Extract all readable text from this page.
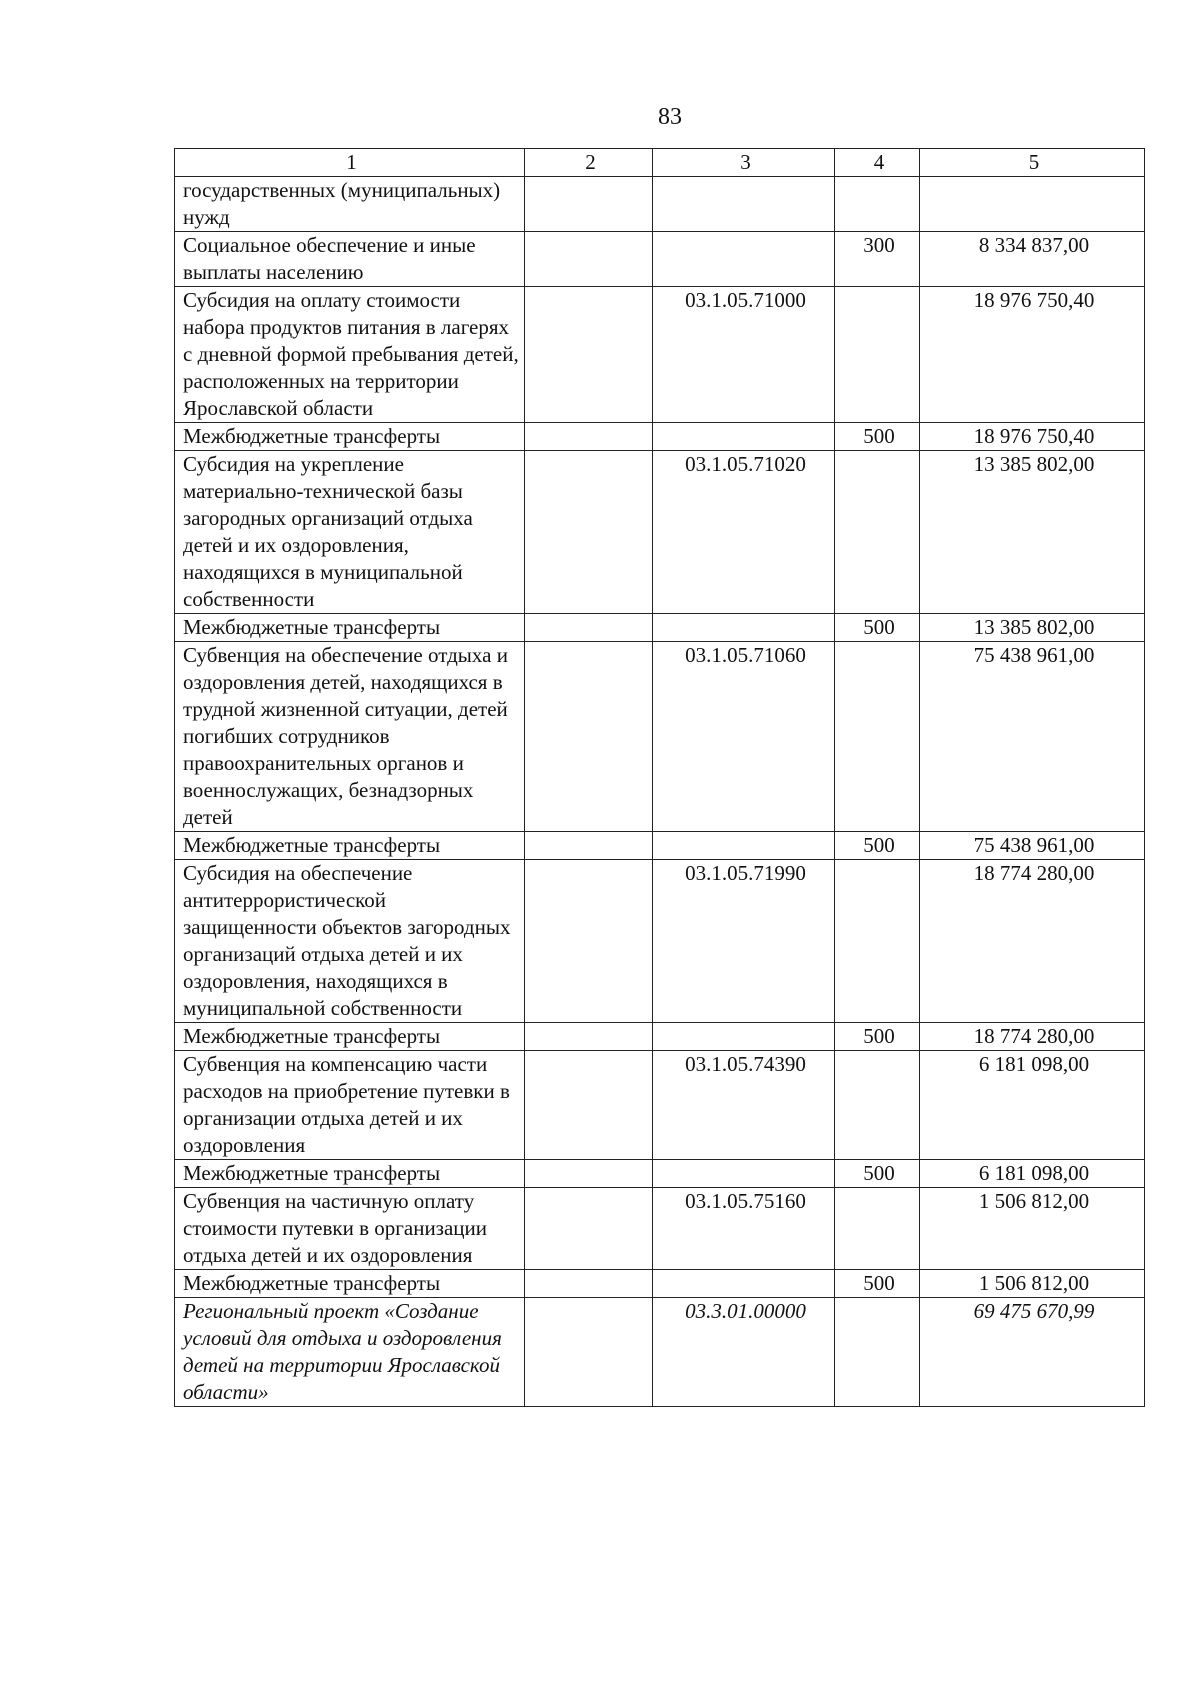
83
1	2	3	4	5
государственных (муниципальных) нужд				
Социальное обеспечение и иные выплаты населению			300	8 334 837,00
Субсидия на оплату стоимости набора продуктов питания в лагерях с дневной формой пребывания детей, расположенных на территории Ярославской области		03.1.05.71000		18 976 750,40
Межбюджетные трансферты			500	18 976 750,40
Субсидия на укрепление материально-технической базы загородных организаций отдыха детей и их оздоровления, находящихся в муниципальной собственности		03.1.05.71020		13 385 802,00
Межбюджетные трансферты			500	13 385 802,00
Субвенция на обеспечение отдыха и оздоровления детей, находящихся в трудной жизненной ситуации, детей погибших сотрудников правоохранительных органов и военнослужащих, безнадзорных детей		03.1.05.71060		75 438 961,00
Межбюджетные трансферты			500	75 438 961,00
Субсидия на обеспечение антитеррористической защищенности объектов загородных организаций отдыха детей и их оздоровления, находящихся в муниципальной собственности		03.1.05.71990		18 774 280,00
Межбюджетные трансферты			500	18 774 280,00
Субвенция на компенсацию части расходов на приобретение путевки в организации отдыха детей и их оздоровления		03.1.05.74390		6 181 098,00
Межбюджетные трансферты			500	6 181 098,00
Субвенция на частичную оплату стоимости путевки в организации отдыха детей и их оздоровления		03.1.05.75160		1 506 812,00
Межбюджетные трансферты			500	1 506 812,00
Региональный проект «Создание условий для отдыха и оздоровления детей на территории Ярославской области»		03.3.01.00000		69 475 670,99
